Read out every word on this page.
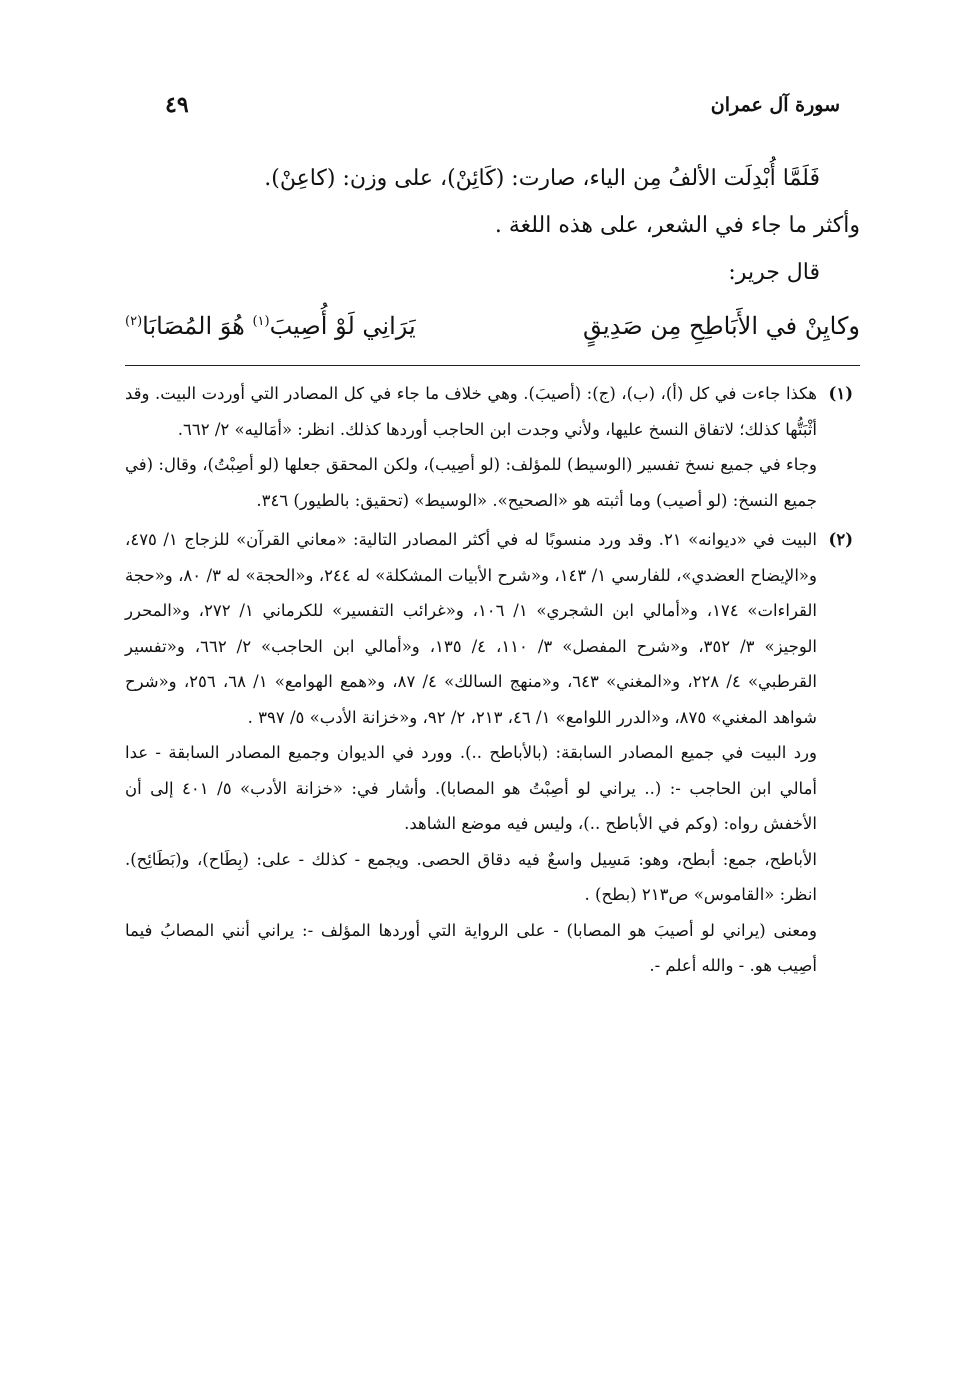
سورة آل عمران
٤٩

فَلَمَّا أُبْدِلَت الألفُ مِن الياء، صارت: (كَائِنْ)، على وزن: (كاعِنْ).

وأكثر ما جاء في الشعر، على هذه اللغة .

قال جرير:

وكايِنْ في الأَبَاطِحِ مِن صَدِيقٍ
يَرَانِي لَوْ أُصِيبَ$^{(١)}$ هُوَ المُصَابَا$^{(٢)}$
(١)

هكذا جاءت في كل (أ)، (ب)، (ج): (أصيبَ). وهي خلاف ما جاء في كل المصادر التي أوردت البيت. وقد أثْبَتُّها كذلك؛ لاتفاق النسخ عليها، ولأني وجدت ابن الحاجب أوردها كذلك. انظر: «أمَاليه» ٢/ ٦٦٢.

وجاء في جميع نسخ تفسير (الوسيط) للمؤلف: (لو أصِيب)، ولكن المحقق جعلها (لو أصِبْتُ)، وقال: (في جميع النسخ: (لو أصيب) وما أثبته هو «الصحيح». «الوسيط» (تحقيق: بالطيور) ٣٤٦.

(٢)

البيت في «ديوانه» ٢١. وقد ورد منسوبًا له في أكثر المصادر التالية: «معاني القرآن» للزجاج ١/ ٤٧٥، و«الإيضاح العضدي»، للفارسي ١/ ١٤٣، و«شرح الأبيات المشكلة» له ٢٤٤، و«الحجة» له ٣/ ٨٠، و«حجة القراءات» ١٧٤، و«أمالي ابن الشجري» ١/ ١٠٦، و«غرائب التفسير» للكرماني ١/ ٢٧٢، و«المحرر الوجيز» ٣/ ٣٥٢، و«شرح المفصل» ٣/ ١١٠، ٤/ ١٣٥، و«أمالي ابن الحاجب» ٢/ ٦٦٢، و«تفسير القرطبي» ٤/ ٢٢٨، و«المغني» ٦٤٣، و«منهج السالك» ٤/ ٨٧، و«همع الهوامع» ١/ ٦٨، ٢٥٦، و«شرح شواهد المغني» ٨٧٥، و«الدرر اللوامع» ١/ ٤٦، ٢١٣، ٢/ ٩٢، و«خزانة الأدب» ٥/ ٣٩٧ .

ورد البيت في جميع المصادر السابقة: (بالأباطح ..). وورد في الديوان وجميع المصادر السابقة - عدا أمالي ابن الحاجب -: (.. يراني لو أصِبْتُ هو المصابا). وأشار في: «خزانة الأدب» ٥/ ٤٠١ إلى أن الأخفش رواه: (وكم في الأباطح ..)، وليس فيه موضع الشاهد.

الأباطح، جمع: أبطح، وهو: مَسِيل واسعٌ فيه دقاق الحصى. ويجمع - كذلك - على: (بِطَاح)، و(بَطَائِح). انظر: «القاموس» ص٢١٣ (بطح) .

ومعنى (يراني لو أصيبَ هو المصابا) - على الرواية التي أوردها المؤلف -: يراني أنني المصابُ فيما أصِيب هو. - والله أعلم -.
